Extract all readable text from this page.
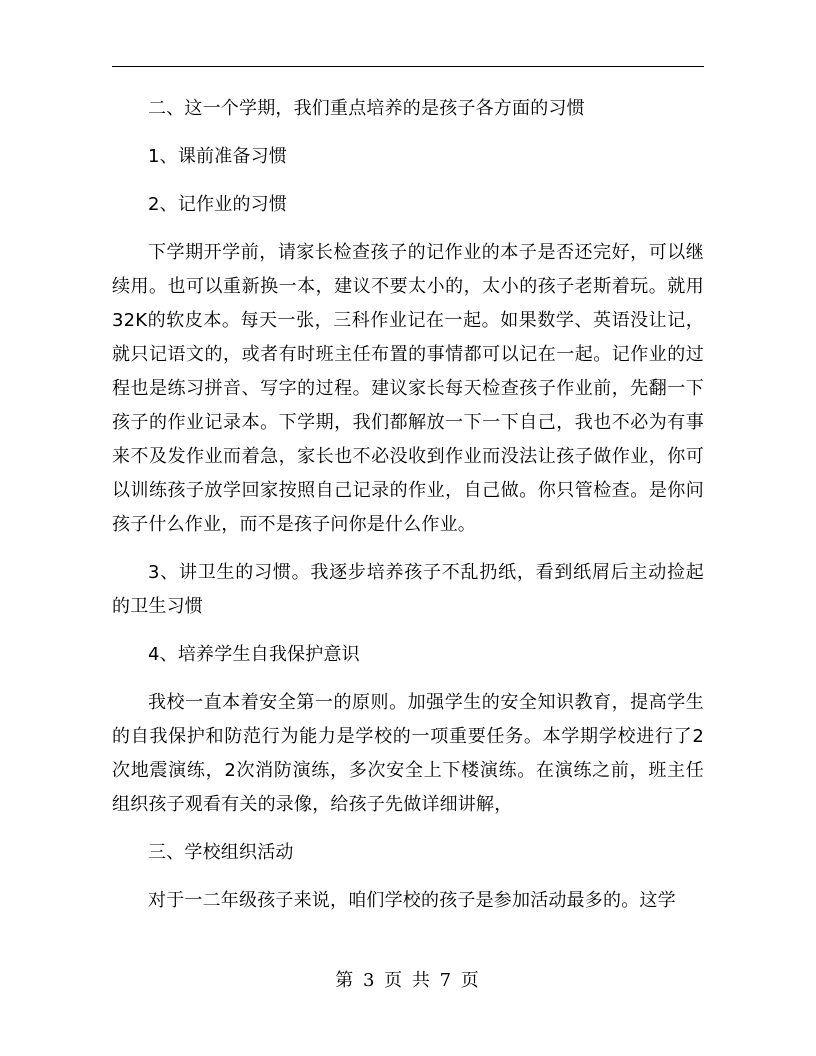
二、这一个学期，我们重点培养的是孩子各方面的习惯

1、课前准备习惯

2、记作业的习惯

下学期开学前，请家长检查孩子的记作业的本子是否还完好，可以继续用。也可以重新换一本，建议不要太小的，太小的孩子老斯着玩。就用32K的软皮本。每天一张，三科作业记在一起。如果数学、英语没让记，就只记语文的，或者有时班主任布置的事情都可以记在一起。记作业的过程也是练习拼音、写字的过程。建议家长每天检查孩子作业前，先翻一下孩子的作业记录本。下学期，我们都解放一下一下自己，我也不必为有事来不及发作业而着急，家长也不必没收到作业而没法让孩子做作业，你可以训练孩子放学回家按照自己记录的作业，自己做。你只管检查。是你问孩子什么作业，而不是孩子问你是什么作业。

3、讲卫生的习惯。我逐步培养孩子不乱扔纸，看到纸屑后主动捡起的卫生习惯

4、培养学生自我保护意识

我校一直本着安全第一的原则。加强学生的安全知识教育，提高学生的自我保护和防范行为能力是学校的一项重要任务。本学期学校进行了2次地震演练，2次消防演练，多次安全上下楼演练。在演练之前，班主任组织孩子观看有关的录像，给孩子先做详细讲解，

三、学校组织活动

对于一二年级孩子来说，咱们学校的孩子是参加活动最多的。这学

第 3 页 共 7 页
